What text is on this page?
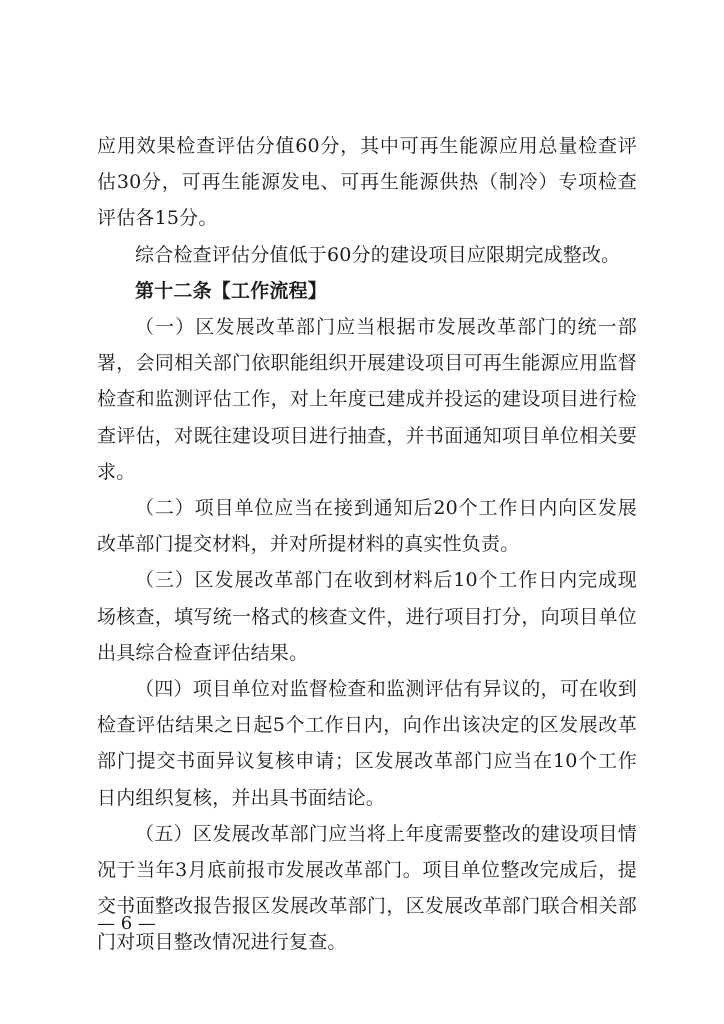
应用效果检查评估分值60分，其中可再生能源应用总量检查评估30分，可再生能源发电、可再生能源供热（制冷）专项检查评估各15分。

综合检查评估分值低于60分的建设项目应限期完成整改。

第十二条【工作流程】

（一）区发展改革部门应当根据市发展改革部门的统一部署，会同相关部门依职能组织开展建设项目可再生能源应用监督检查和监测评估工作，对上年度已建成并投运的建设项目进行检查评估，对既往建设项目进行抽查，并书面通知项目单位相关要求。

（二）项目单位应当在接到通知后20个工作日内向区发展改革部门提交材料，并对所提材料的真实性负责。

（三）区发展改革部门在收到材料后10个工作日内完成现场核查，填写统一格式的核查文件，进行项目打分，向项目单位出具综合检查评估结果。

（四）项目单位对监督检查和监测评估有异议的，可在收到检查评估结果之日起5个工作日内，向作出该决定的区发展改革部门提交书面异议复核申请；区发展改革部门应当在10个工作日内组织复核，并出具书面结论。

（五）区发展改革部门应当将上年度需要整改的建设项目情况于当年3月底前报市发展改革部门。项目单位整改完成后，提交书面整改报告报区发展改革部门，区发展改革部门联合相关部门对项目整改情况进行复查。

— 6 —
